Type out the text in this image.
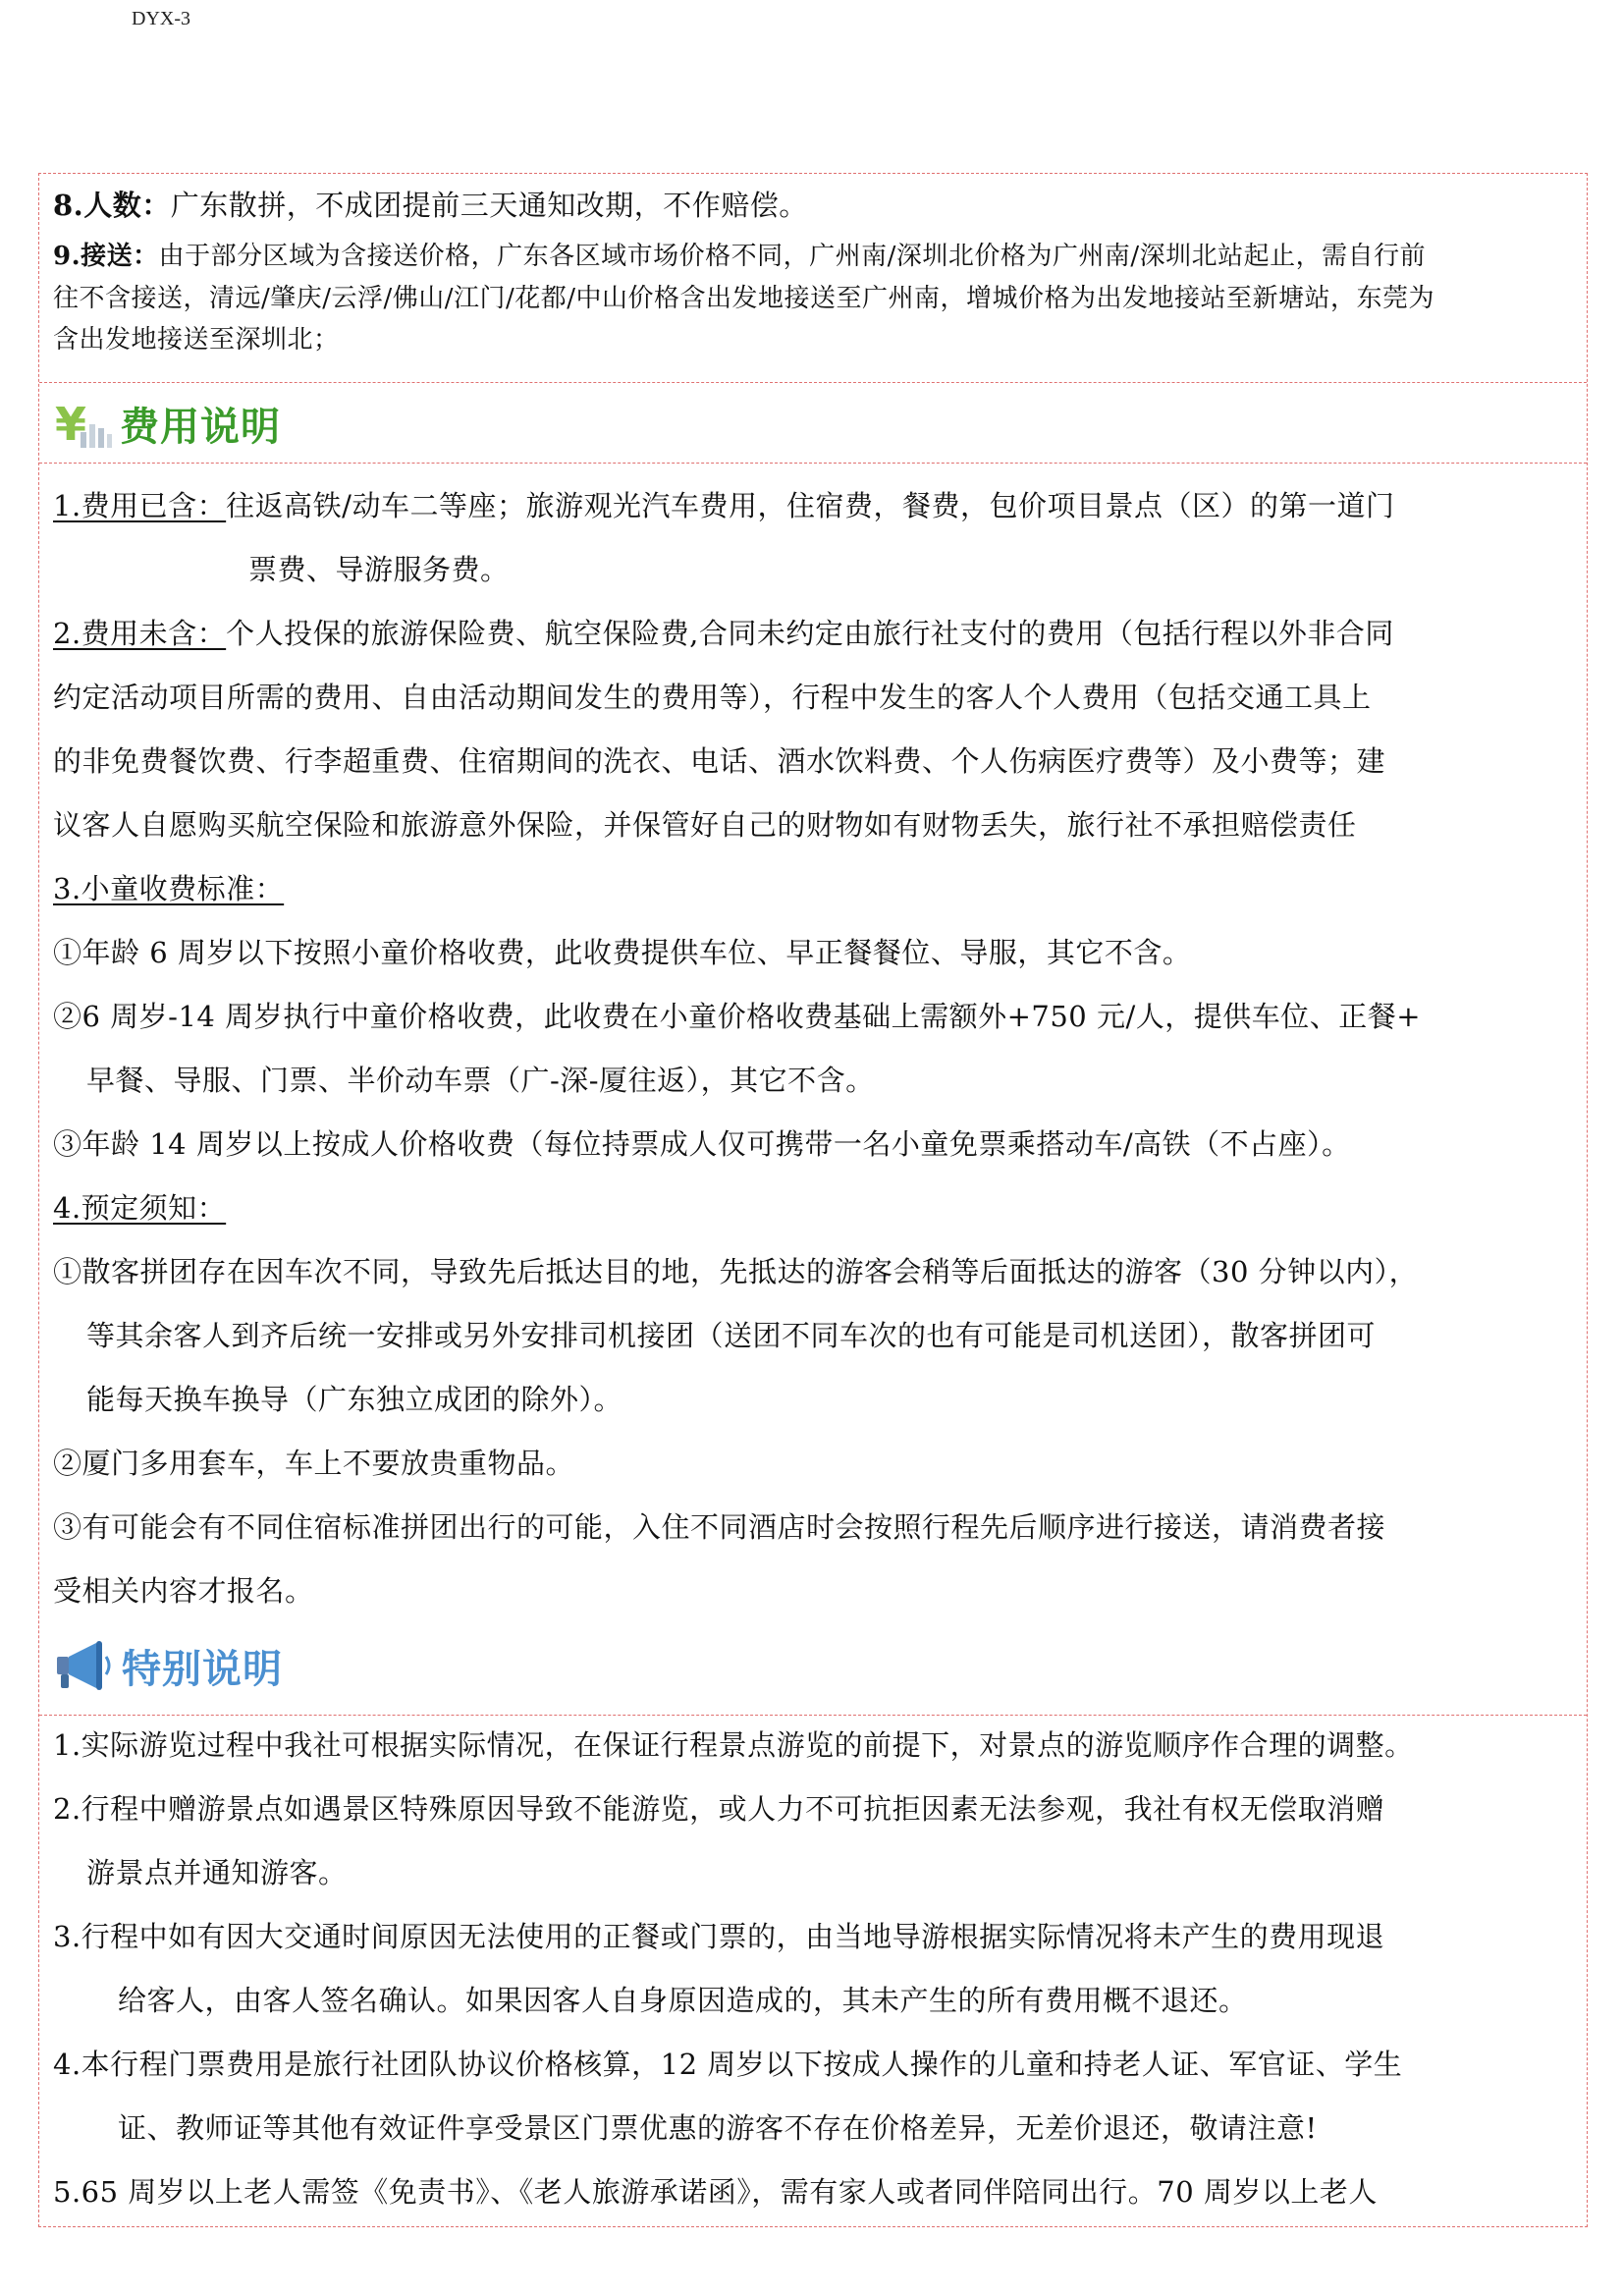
DYX-3
8.人数：广东散拼，不成团提前三天通知改期，不作赔偿。
9.接送：由于部分区域为含接送价格，广东各区域市场价格不同，广州南/深圳北价格为广州南/深圳北站起止，需自行前
往不含接送，清远/肇庆/云浮/佛山/江门/花都/中山价格含出发地接送至广州南，增城价格为出发地接站至新塘站，东莞为
含出发地接送至深圳北；
¥ 费用说明
1.费用已含：往返高铁/动车二等座；旅游观光汽车费用，住宿费，餐费，包价项目景点（区）的第一道门
票费、导游服务费。
2.费用未含：个人投保的旅游保险费、航空保险费,合同未约定由旅行社支付的费用（包括行程以外非合同
约定活动项目所需的费用、自由活动期间发生的费用等），行程中发生的客人个人费用（包括交通工具上
的非免费餐饮费、行李超重费、住宿期间的洗衣、电话、酒水饮料费、个人伤病医疗费等）及小费等；建
议客人自愿购买航空保险和旅游意外保险，并保管好自己的财物如有财物丢失，旅行社不承担赔偿责任
3.小童收费标准：
①年龄 6 周岁以下按照小童价格收费，此收费提供车位、早正餐餐位、导服，其它不含。
②6 周岁-14 周岁执行中童价格收费，此收费在小童价格收费基础上需额外+750 元/人，提供车位、正餐+
早餐、导服、门票、半价动车票（广-深-厦往返），其它不含。
③年龄 14 周岁以上按成人价格收费（每位持票成人仅可携带一名小童免票乘搭动车/高铁（不占座）。
4.预定须知：
①散客拼团存在因车次不同，导致先后抵达目的地，先抵达的游客会稍等后面抵达的游客（30 分钟以内），
等其余客人到齐后统一安排或另外安排司机接团（送团不同车次的也有可能是司机送团），散客拼团可
能每天换车换导（广东独立成团的除外）。
②厦门多用套车，车上不要放贵重物品。
③有可能会有不同住宿标准拼团出行的可能，入住不同酒店时会按照行程先后顺序进行接送，请消费者接
受相关内容才报名。
特别说明
1.实际游览过程中我社可根据实际情况，在保证行程景点游览的前提下，对景点的游览顺序作合理的调整。
2.行程中赠游景点如遇景区特殊原因导致不能游览，或人力不可抗拒因素无法参观，我社有权无偿取消赠
游景点并通知游客。
3.行程中如有因大交通时间原因无法使用的正餐或门票的，由当地导游根据实际情况将未产生的费用现退
给客人，由客人签名确认。如果因客人自身原因造成的，其未产生的所有费用概不退还。
4.本行程门票费用是旅行社团队协议价格核算，12 周岁以下按成人操作的儿童和持老人证、军官证、学生
证、教师证等其他有效证件享受景区门票优惠的游客不存在价格差异，无差价退还，敬请注意!
5.65 周岁以上老人需签《免责书》、《老人旅游承诺函》，需有家人或者同伴陪同出行。70 周岁以上老人
